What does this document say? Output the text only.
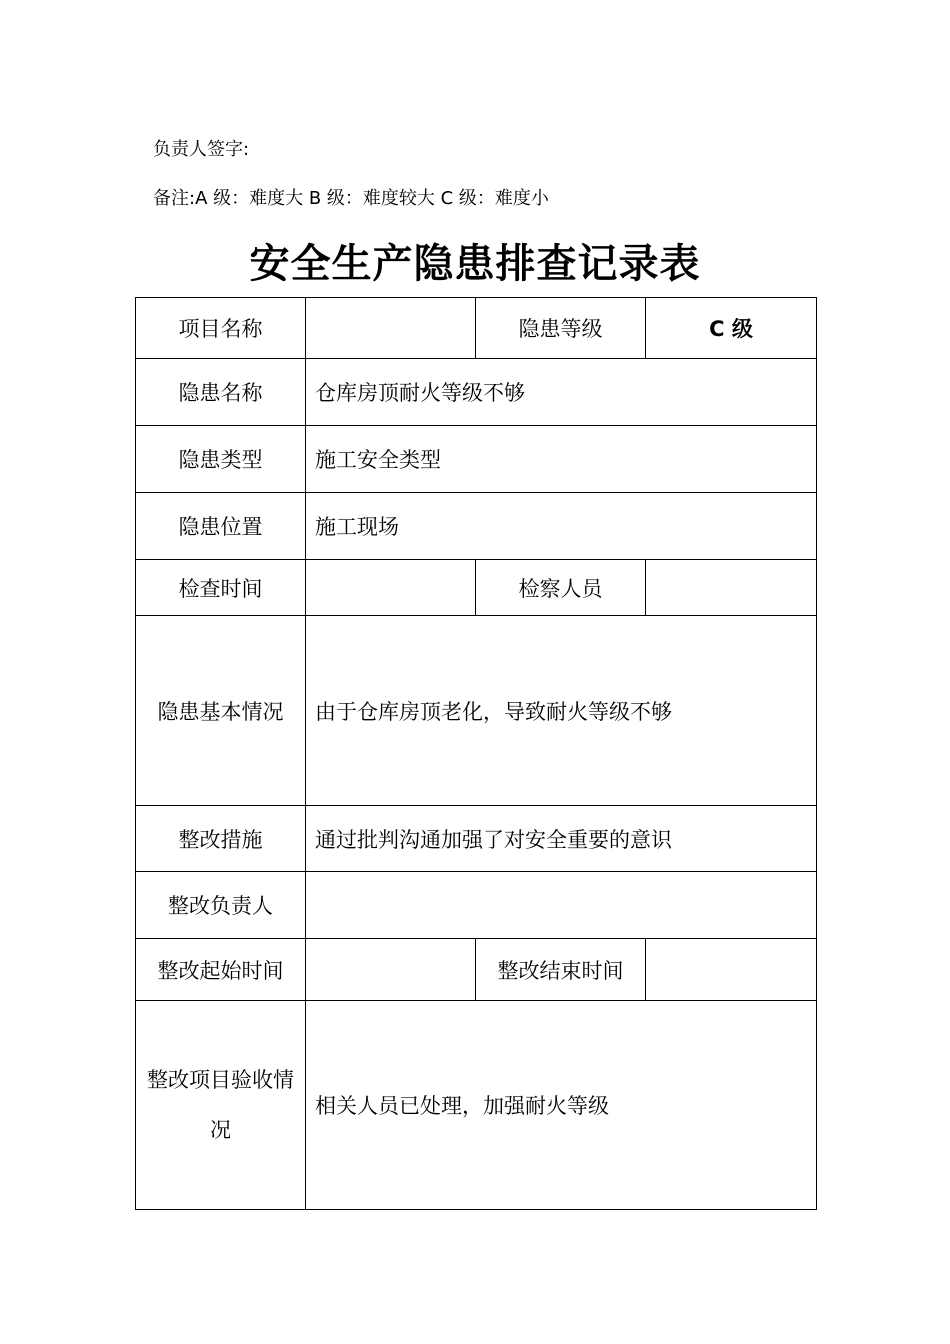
负责人签字:
备注:A 级：难度大 B 级：难度较大 C 级：难度小
安全生产隐患排查记录表
项目名称		隐患等级	C 级
隐患名称	仓库房顶耐火等级不够		
隐患类型	施工安全类型		
隐患位置	施工现场		
检查时间		检察人员	
隐患基本情况	由于仓库房顶老化，导致耐火等级不够		
整改措施	通过批判沟通加强了对安全重要的意识		
整改负责人			
整改起始时间		整改结束时间	
整改项目验收情况	相关人员已处理，加强耐火等级		
